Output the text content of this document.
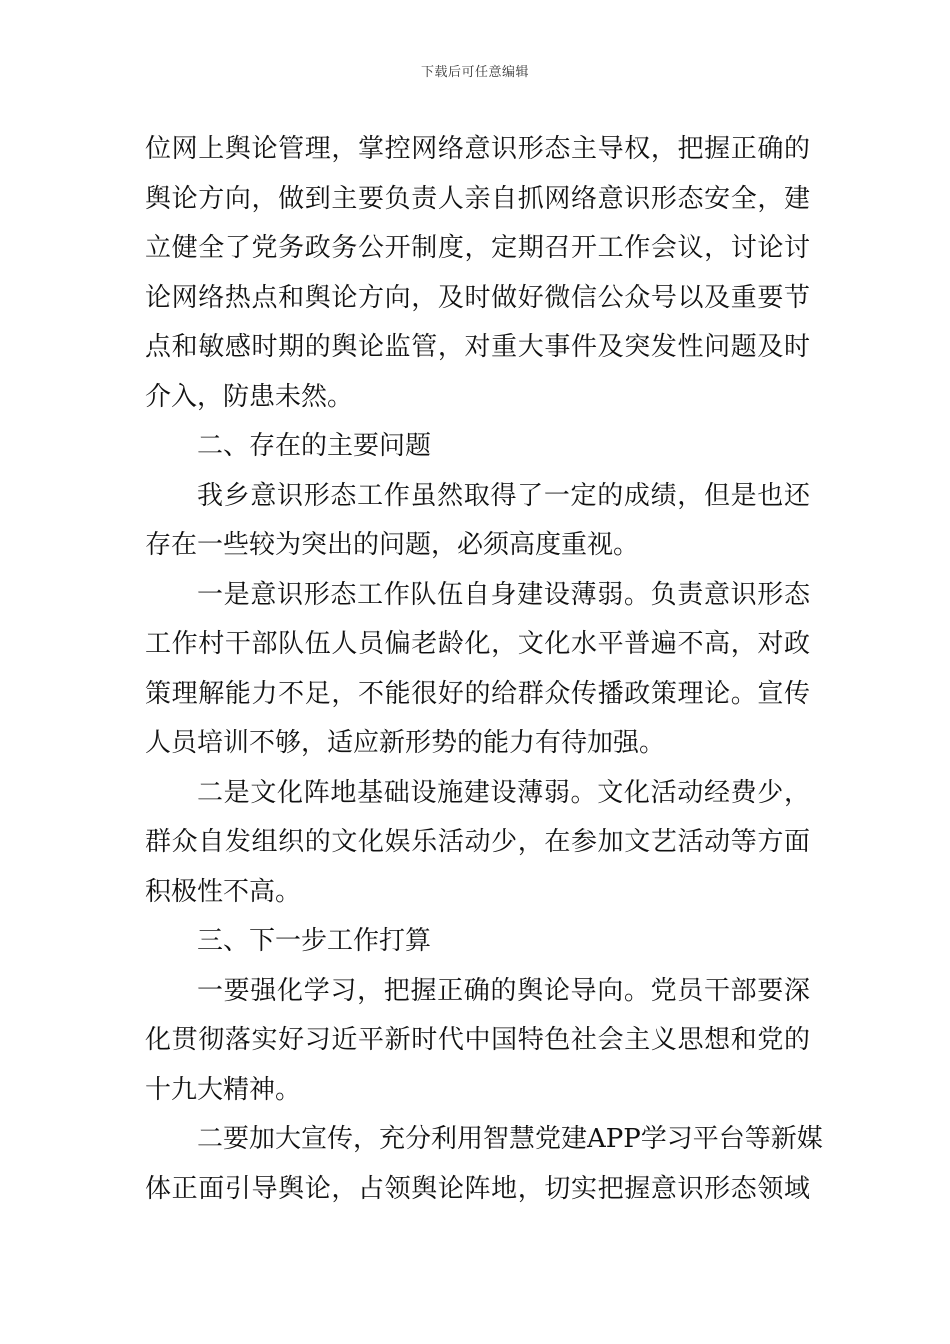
下载后可任意编辑

位网上舆论管理，掌控网络意识形态主导权，把握正确的
舆论方向，做到主要负责人亲自抓网络意识形态安全，建
立健全了党务政务公开制度，定期召开工作会议，讨论讨
论网络热点和舆论方向，及时做好微信公众号以及重要节
点和敏感时期的舆论监管，对重大事件及突发性问题及时
介入，防患未然。

二、存在的主要问题

我乡意识形态工作虽然取得了一定的成绩，但是也还
存在一些较为突出的问题，必须高度重视。

一是意识形态工作队伍自身建设薄弱。负责意识形态
工作村干部队伍人员偏老龄化，文化水平普遍不高，对政
策理解能力不足，不能很好的给群众传播政策理论。宣传
人员培训不够，适应新形势的能力有待加强。

二是文化阵地基础设施建设薄弱。文化活动经费少，
群众自发组织的文化娱乐活动少，在参加文艺活动等方面
积极性不高。

三、下一步工作打算

一要强化学习，把握正确的舆论导向。党员干部要深
化贯彻落实好习近平新时代中国特色社会主义思想和党的
十九大精神。

二要加大宣传，充分利用智慧党建APP学习平台等新媒
体正面引导舆论，占领舆论阵地，切实把握意识形态领域
